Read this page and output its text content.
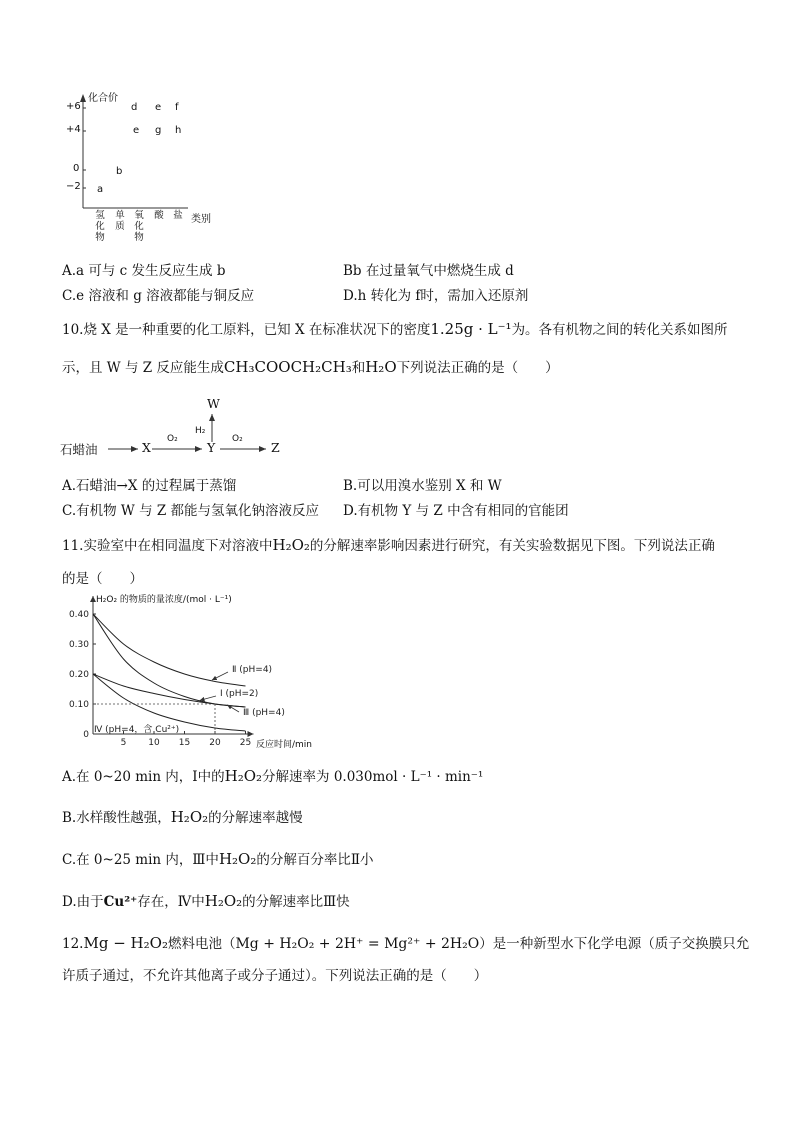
化合价
+6
+4
0
−2
d e f
e g h
b
a
氢
化
物
单
质
氧
化
物
酸 盐 类别
A.a 可与 c 发生反应生成 b	Bb 在过量氧气中燃烧生成 d
C.e 溶液和 g 溶液都能与铜反应	D.h 转化为 f时，需加入还原剂
10.烧 X 是一种重要的化工原料，已知 X 在标准状况下的密度1.25g · L⁻¹为。各有机物之间的转化关系如图所
示，且 W 与 Z 反应能生成CH₃COOCH₂CH₃和H₂O下列说法正确的是（　　）
石蜡油	X	Y	Z
W
O₂	O₂
H₂
A.石蜡油→X 的过程属于蒸馏	B.可以用溴水鉴别 X 和 W
C.有机物 W 与 Z 都能与氢氧化钠溶液反应 D.有机物 Y 与 Z 中含有相同的官能团
11.实验室中在相同温度下对溶液中H₂O₂的分解速率影响因素进行研究，有关实验数据见下图。下列说法正确
的是（　　）
0.40
0.30
0.20
0.10
0
5 10 15 20 25
Ⅱ (pH=4)
Ⅰ (pH=2)
Ⅲ (pH=4)
Ⅳ (pH=4，含 Cu²⁺)
H₂O₂ 的物质的量浓度/(mol · L⁻¹)
反应时间/min
A.在 0~20 min 内，Ⅰ中的H₂O₂分解速率为 0.030mol · L⁻¹ · min⁻¹
B.水样酸性越强，H₂O₂的分解速率越慢
C.在 0~25 min 内，Ⅲ中H₂O₂的分解百分率比Ⅱ小
D.由于Cu²⁺存在，Ⅳ中H₂O₂的分解速率比Ⅲ快
12.Mg − H₂O₂燃料电池（Mg + H₂O₂ + 2H⁺ = Mg²⁺ + 2H₂O）是一种新型水下化学电源（质子交换膜只允
许质子通过，不允许其他离子或分子通过）。下列说法正确的是（　　）
